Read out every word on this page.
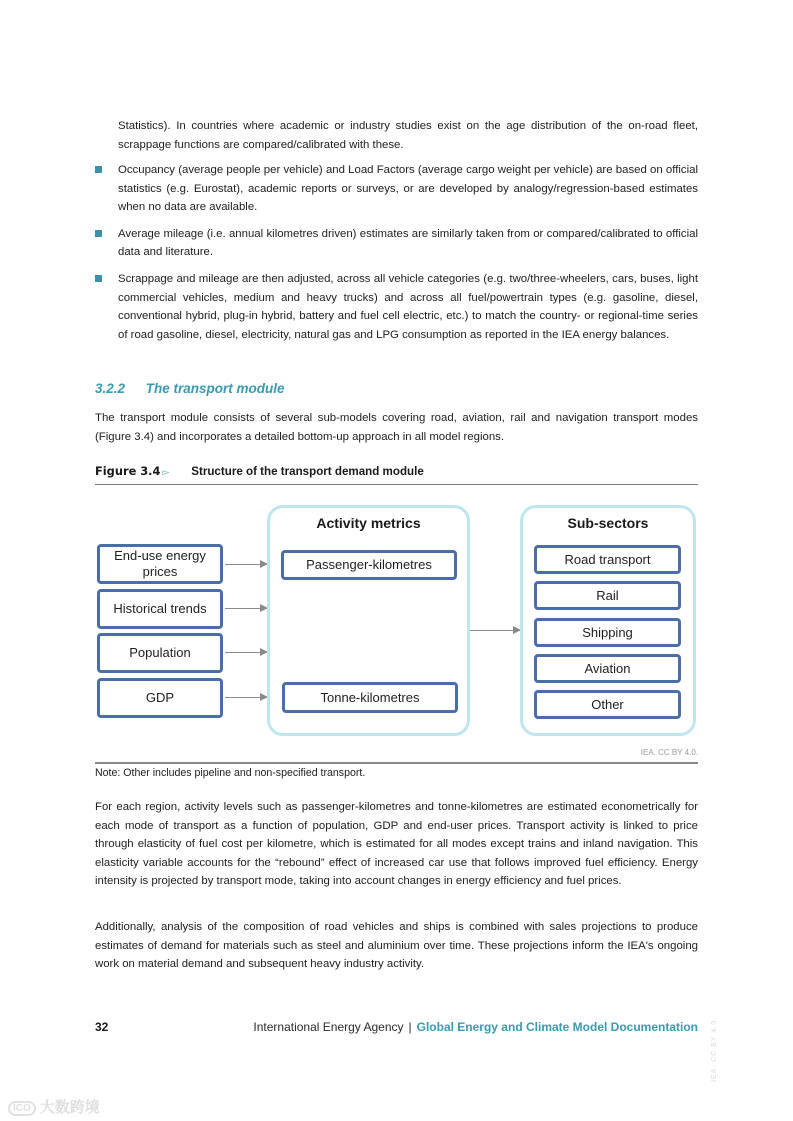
Statistics). In countries where academic or industry studies exist on the age distribution of the on-road fleet, scrappage functions are compared/calibrated with these.
Occupancy (average people per vehicle) and Load Factors (average cargo weight per vehicle) are based on official statistics (e.g. Eurostat), academic reports or surveys, or are developed by analogy/regression-based estimates when no data are available.
Average mileage (i.e. annual kilometres driven) estimates are similarly taken from or compared/calibrated to official data and literature.
Scrappage and mileage are then adjusted, across all vehicle categories (e.g. two/three-wheelers, cars, buses, light commercial vehicles, medium and heavy trucks) and across all fuel/powertrain types (e.g. gasoline, diesel, conventional hybrid, plug-in hybrid, battery and fuel cell electric, etc.) to match the country- or regional-time series of road gasoline, diesel, electricity, natural gas and LPG consumption as reported in the IEA energy balances.
3.2.2 The transport module
The transport module consists of several sub-models covering road, aviation, rail and navigation transport modes (Figure 3.4) and incorporates a detailed bottom-up approach in all model regions.
Figure 3.4 ▻ Structure of the transport demand module
End-use energy prices
Historical trends
Population
GDP
Activity metrics
Passenger-kilometres
Tonne-kilometres
Sub-sectors
Road transport
Rail
Shipping
Aviation
Other
IEA. CC BY 4.0.
Note: Other includes pipeline and non-specified transport.
For each region, activity levels such as passenger-kilometres and tonne-kilometres are estimated econometrically for each mode of transport as a function of population, GDP and end-user prices. Transport activity is linked to price through elasticity of fuel cost per kilometre, which is estimated for all modes except trains and inland navigation. This elasticity variable accounts for the “rebound” effect of increased car use that follows improved fuel efficiency. Energy intensity is projected by transport mode, taking into account changes in energy efficiency and fuel prices.
Additionally, analysis of the composition of road vehicles and ships is combined with sales projections to produce estimates of demand for materials such as steel and aluminium over time. These projections inform the IEA's ongoing work on material demand and subsequent heavy industry activity.
32	International Energy Agency | Global Energy and Climate Model Documentation IEA. CC BY 4.0.
ICO 大数跨境
